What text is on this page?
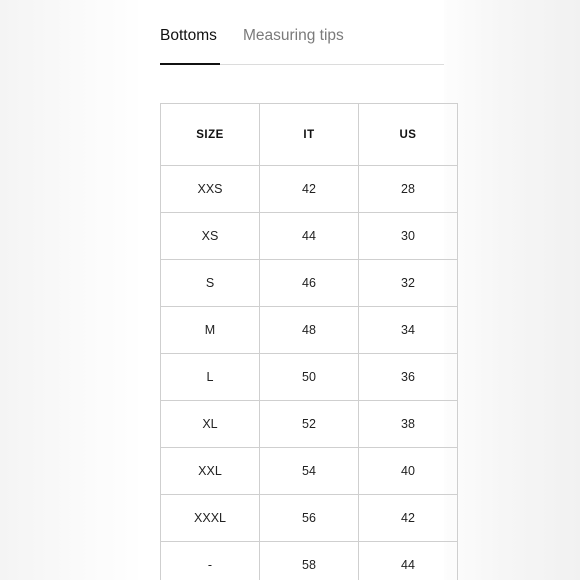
Bottoms Measuring tips
SIZE	IT	US
XXS	42	28
XS	44	30
S	46	32
M	48	34
L	50	36
XL	52	38
XXL	54	40
XXXL	56	42
-	58	44
